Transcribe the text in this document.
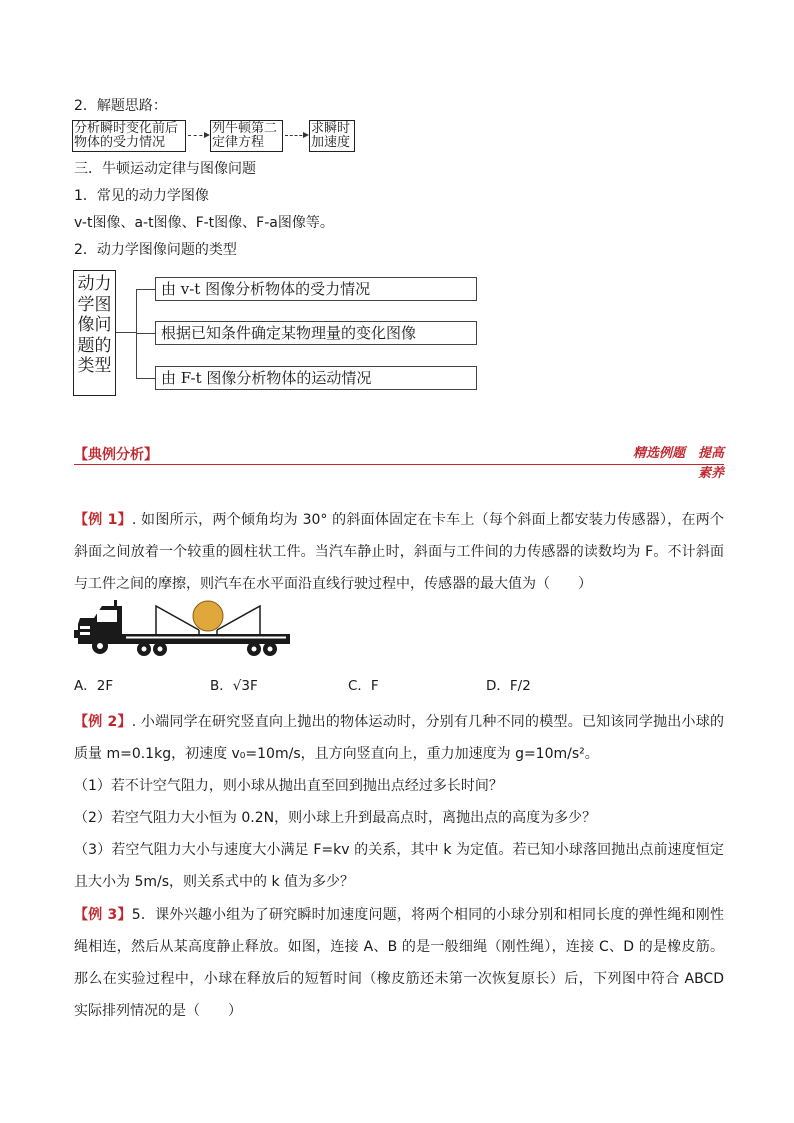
2．解题思路：
分析瞬时变化前后物体的受力情况
列牛顿第二定律方程
求瞬时加速度
三．牛顿运动定律与图像问题
1．常见的动力学图像
v-t图像、a-t图像、F-t图像、F-a图像等。
2．动力学图像问题的类型
动力学图像问题的类型
由 v-t 图像分析物体的受力情况
根据已知条件确定某物理量的变化图像
由 F-t 图像分析物体的运动情况
【典例分析】	精选例题　提高素养
【例 1】. 如图所示，两个倾角均为 30° 的斜面体固定在卡车上（每个斜面上都安装力传感器），在两个斜面之间放着一个较重的圆柱状工件。当汽车静止时，斜面与工件间的力传感器的读数均为 F。不计斜面与工件之间的摩擦，则汽车在水平面沿直线行驶过程中，传感器的最大值为（　　）
A．2F	B．√3F	C．F	D．F/2
【例 2】. 小端同学在研究竖直向上抛出的物体运动时，分别有几种不同的模型。已知该同学抛出小球的质量 m=0.1kg，初速度 v₀=10m/s，且方向竖直向上，重力加速度为 g=10m/s²。
（1）若不计空气阻力，则小球从抛出直至回到抛出点经过多长时间？
（2）若空气阻力大小恒为 0.2N，则小球上升到最高点时，离抛出点的高度为多少？
（3）若空气阻力大小与速度大小满足 F=kv 的关系，其中 k 为定值。若已知小球落回抛出点前速度恒定且大小为 5m/s，则关系式中的 k 值为多少？
【例 3】5．课外兴趣小组为了研究瞬时加速度问题，将两个相同的小球分别和相同长度的弹性绳和刚性绳相连，然后从某高度静止释放。如图，连接 A、B 的是一般细绳（刚性绳），连接 C、D 的是橡皮筋。那么在实验过程中，小球在释放后的短暂时间（橡皮筋还未第一次恢复原长）后，下列图中符合 ABCD 实际排列情况的是（　　）
